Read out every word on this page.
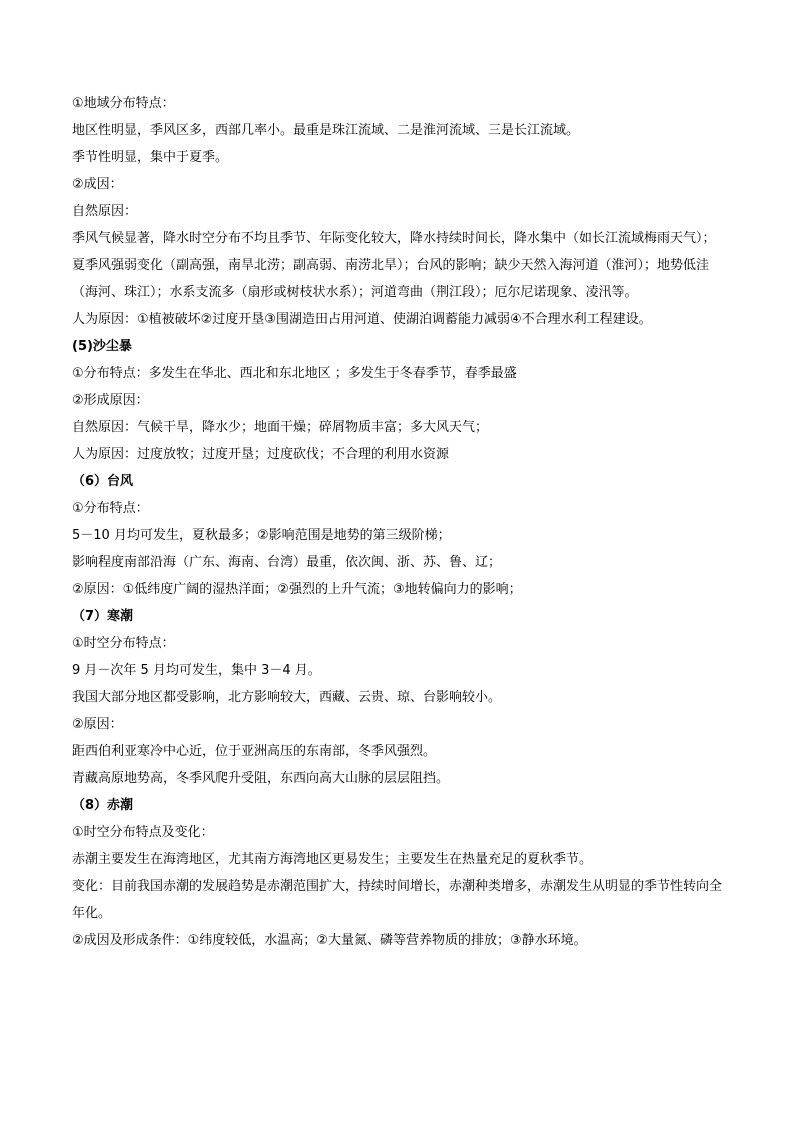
①地域分布特点：
地区性明显，季风区多，西部几率小。最重是珠江流域、二是淮河流域、三是长江流域。
季节性明显，集中于夏季。
②成因：
自然原因：
季风气候显著，降水时空分布不均且季节、年际变化较大，降水持续时间长，降水集中（如长江流域梅雨天气）；夏季风强弱变化（副高强，南旱北涝；副高弱、南涝北旱）；台风的影响；缺少天然入海河道（淮河）；地势低洼（海河、珠江）；水系支流多（扇形或树枝状水系）；河道弯曲（荆江段）；厄尔尼诺现象、凌汛等。
人为原因：①植被破坏②过度开垦③围湖造田占用河道、使湖泊调蓄能力减弱④不合理水利工程建设。
(5)沙尘暴
①分布特点：多发生在华北、西北和东北地区 ；多发生于冬春季节，春季最盛
②形成原因：
自然原因：气候干旱，降水少；地面干燥；碎屑物质丰富；多大风天气；
人为原因：过度放牧；过度开垦；过度砍伐；不合理的利用水资源
（6）台风
①分布特点：
5－10 月均可发生，夏秋最多；②影响范围是地势的第三级阶梯；
影响程度南部沿海（广东、海南、台湾）最重，依次闽、浙、苏、鲁、辽；
②原因：①低纬度广阔的湿热洋面；②强烈的上升气流；③地转偏向力的影响；
（7）寒潮
①时空分布特点：
9 月－次年 5 月均可发生，集中 3－4 月。
我国大部分地区都受影响，北方影响较大，西藏、云贵、琼、台影响较小。
②原因：
距西伯利亚寒冷中心近，位于亚洲高压的东南部，冬季风强烈。
青藏高原地势高，冬季风爬升受阻，东西向高大山脉的层层阻挡。
（8）赤潮
①时空分布特点及变化：
赤潮主要发生在海湾地区，尤其南方海湾地区更易发生；主要发生在热量充足的夏秋季节。
变化：目前我国赤潮的发展趋势是赤潮范围扩大，持续时间增长，赤潮种类增多，赤潮发生从明显的季节性转向全年化。
②成因及形成条件：①纬度较低，水温高；②大量氮、磷等营养物质的排放；③静水环境。
